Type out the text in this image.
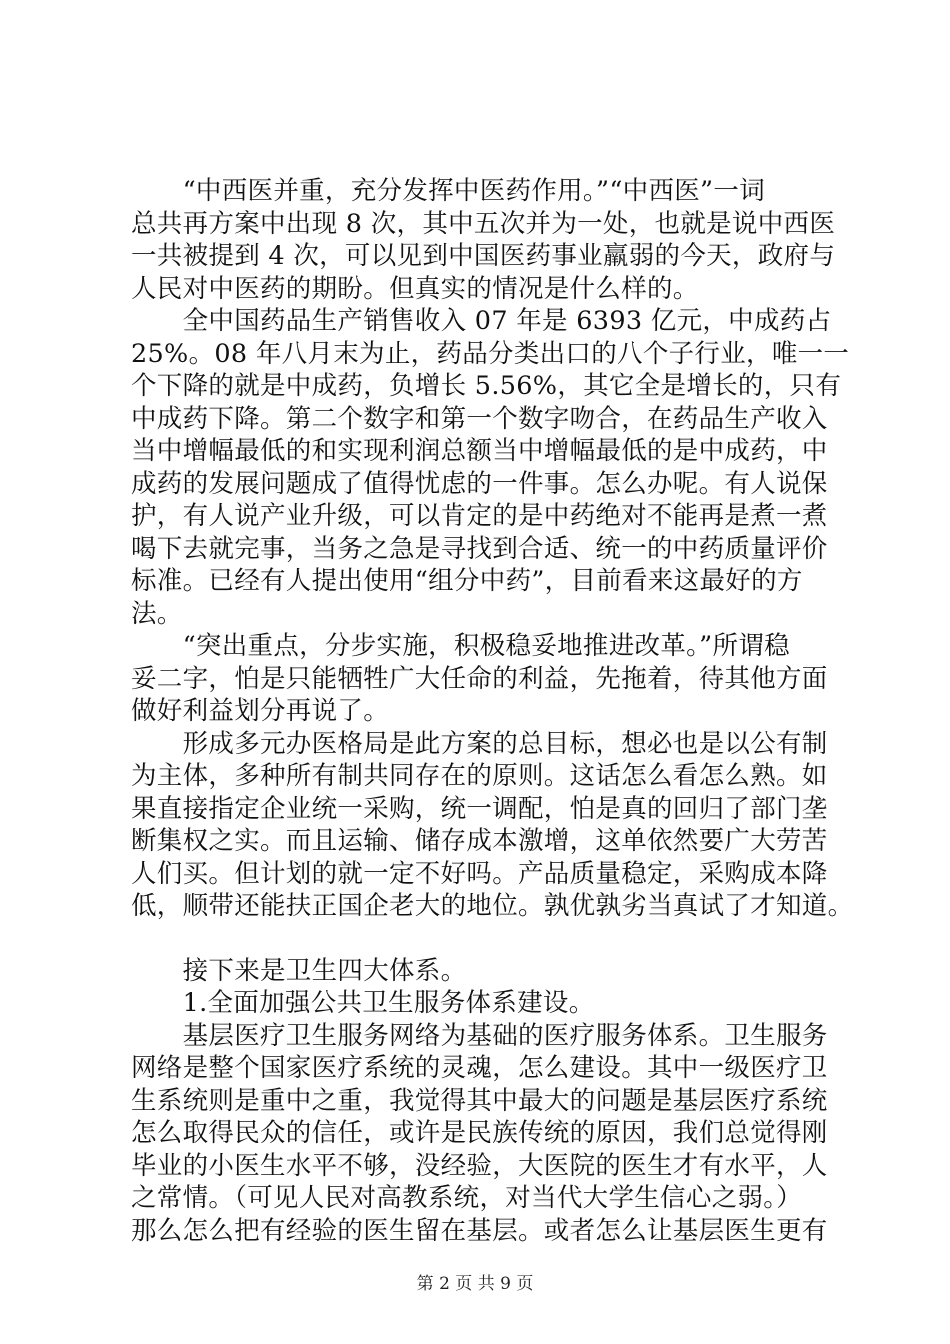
　　“中西医并重，充分发挥中医药作用。”“中西医”一词
总共再方案中出现 8 次，其中五次并为一处，也就是说中西医
一共被提到 4 次，可以见到中国医药事业羸弱的今天，政府与
人民对中医药的期盼。但真实的情况是什么样的。
　　全中国药品生产销售收入 07 年是 6393 亿元，中成药占
25%。08 年八月末为止，药品分类出口的八个子行业，唯一一
个下降的就是中成药，负增长 5.56%，其它全是增长的，只有
中成药下降。第二个数字和第一个数字吻合，在药品生产收入
当中增幅最低的和实现利润总额当中增幅最低的是中成药，中
成药的发展问题成了值得忧虑的一件事。怎么办呢。有人说保
护，有人说产业升级，可以肯定的是中药绝对不能再是煮一煮
喝下去就完事，当务之急是寻找到合适、统一的中药质量评价
标准。已经有人提出使用“组分中药”，目前看来这最好的方
法。
　　“突出重点，分步实施，积极稳妥地推进改革。”所谓稳
妥二字，怕是只能牺牲广大任命的利益，先拖着，待其他方面
做好利益划分再说了。
　　形成多元办医格局是此方案的总目标，想必也是以公有制
为主体，多种所有制共同存在的原则。这话怎么看怎么熟。如
果直接指定企业统一采购，统一调配，怕是真的回归了部门垄
断集权之实。而且运输、储存成本激增，这单依然要广大劳苦
人们买。但计划的就一定不好吗。产品质量稳定，采购成本降
低，顺带还能扶正国企老大的地位。孰优孰劣当真试了才知道。
　　接下来是卫生四大体系。
　　1.全面加强公共卫生服务体系建设。
　　基层医疗卫生服务网络为基础的医疗服务体系。卫生服务
网络是整个国家医疗系统的灵魂，怎么建设。其中一级医疗卫
生系统则是重中之重，我觉得其中最大的问题是基层医疗系统
怎么取得民众的信任，或许是民族传统的原因，我们总觉得刚
毕业的小医生水平不够，没经验，大医院的医生才有水平，人
之常情。（可见人民对高教系统，对当代大学生信心之弱。）
那么怎么把有经验的医生留在基层。或者怎么让基层医生更有
第 2 页 共 9 页
